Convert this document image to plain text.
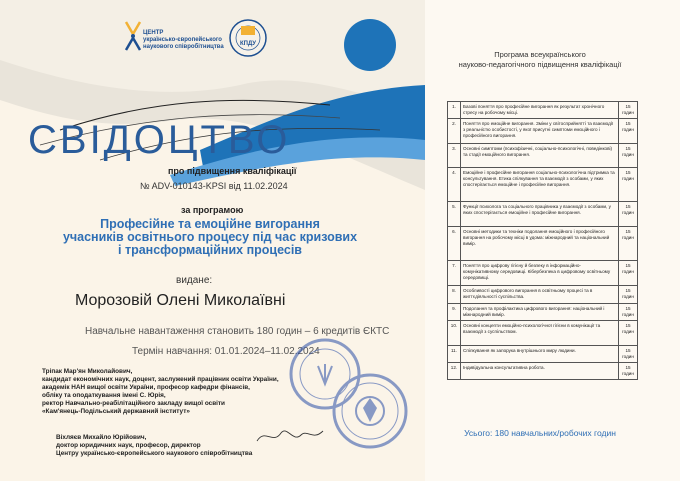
ЦЕНТР
українсько-європейського
наукового співробітництва	КПДУ
СВІДОЦТВО
про підвищення кваліфікації
№ ADV-010143-KPSI від 11.02.2024
за програмою
Професійне та емоційне вигорання
учасників освітнього процесу під час кризових
і трансформаційних процесів
видане:
Морозовій Олені Миколаївні
Навчальне навантаження становить 180 годин – 6 кредитів ЄКТС
Термін навчання: 01.01.2024–11.02.2024
Тріпак Мар'ян Миколайович,
кандидат економічних наук, доцент, заслужений працівник освіти України,
академік НАН вищої освіти України, професор кафедри фінансів,
обліку та оподаткування імені С. Юрія,
ректор Навчально-реабілітаційного закладу вищої освіти
«Кам'янець-Подільський державний інститут»
Віхляєв Михайло Юрійович,
доктор юридичних наук, професор, директор
Центру українсько-європейського наукового співробітництва
Програма всеукраїнського
науково-педагогічного підвищення кваліфікації
1.	Базові поняття про професійне вигорання як результат хронічного стресу на робочому місці.	15 годин
2.	Поняття про емоційне вигорання. Зміни у світосприйнятті та взаємодії з реальністю особистості, у якої присутні симптоми емоційного і професійного вигорання.	15 годин
3.	Основні симптоми (психофізичні, соціально-психологічні, поведінкові) та стадії емоційного вигорання.	15 годин
4.	Емоційне і професійне вигорання соціально-психологічна підтримка та консультування. Етика спілкування та взаємодії з особами, у яких спостерігається емоційне і професійне вигорання.	15 годин
5.	Функції психолога та соціального працівника у взаємодії з особами, у яких спостерігається емоційне і професійне вигорання.	15 годин
6.	Основні методики та техніки подолання емоційного і професійного вигорання на робочому місці в удома: міжнародний та національний вимір.	15 годин
7.	Поняття про цифрову гігієну й безпеку в інформаційно-комунікативному середовищі. Кібербезпека в цифровому освітньому середовищі.	15 годин
8.	Особливості цифрового вигорання в освітньому процесі та в життєдіяльності суспільства.	15 годин
9.	Подолання та профілактика цифрового вигорання: національний і міжнародний вимір.	15 годин
10.	Основні концепти емоційно-психологічної гігієни в комунікації та взаємодії з суспільством.	15 годин
11.	Спілкування як запорука внутрішнього миру людини.	15 годин
12.	Індивідуальна консультативна робота.	15 годин
Усього: 180 навчальних/робочих годин
